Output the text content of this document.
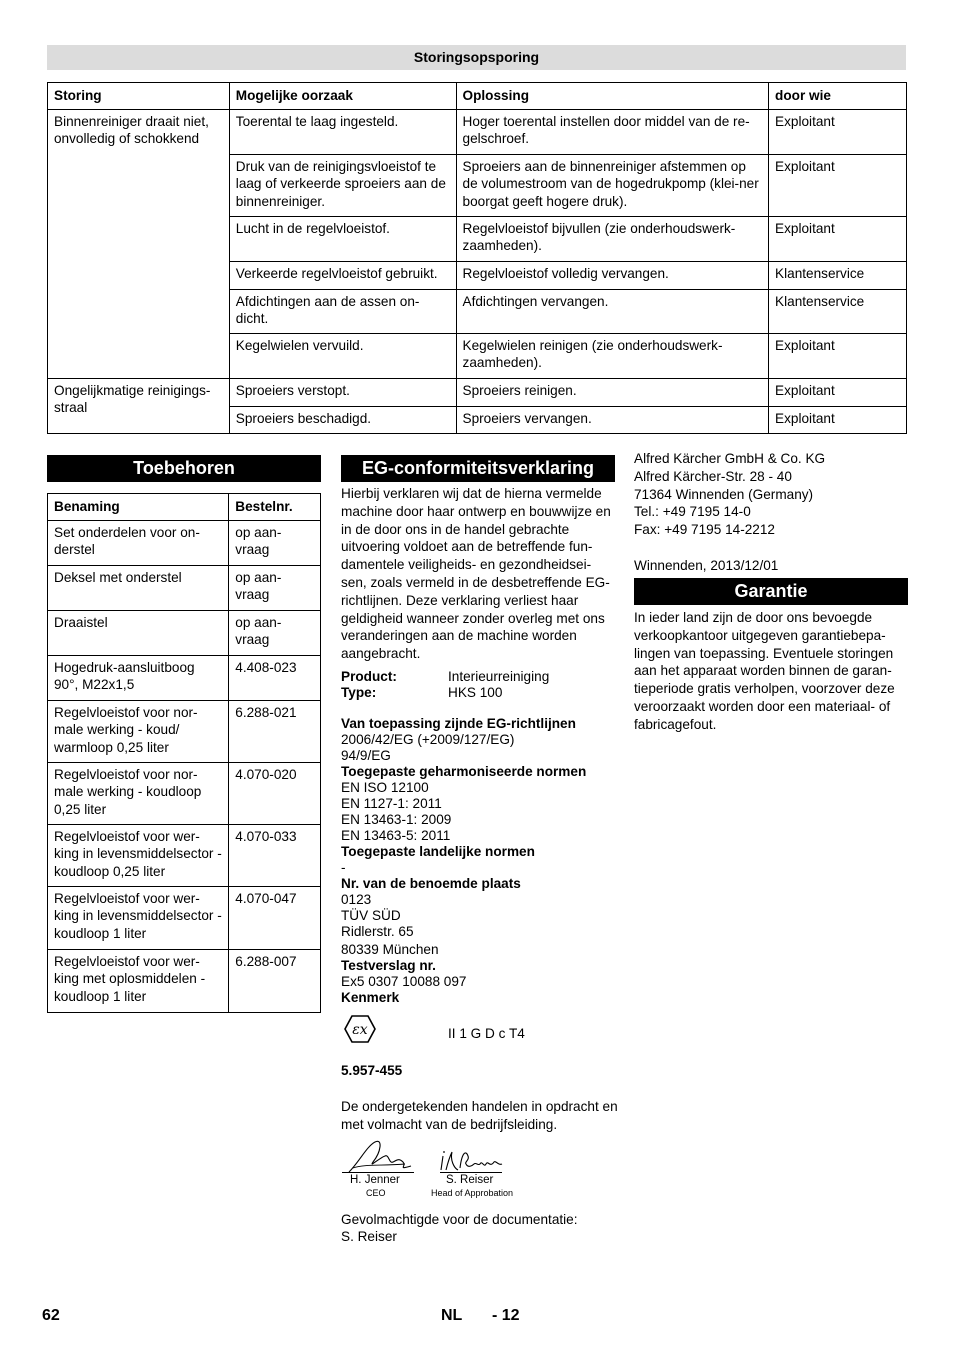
Storingsopsporing
Storing	Mogelijke oorzaak	Oplossing	door wie
Binnenreiniger draait niet, onvolledig of schokkend	Toerental te laag ingesteld.	Hoger toerental instellen door middel van de re-gelschroef.	Exploitant
	Druk van de reinigingsvloeistof te laag of verkeerde sproeiers aan de binnenreiniger.	Sproeiers aan de binnenreiniger afstemmen op de volumestroom van de hogedrukpomp (klei-ner boorgat geeft hogere druk).	Exploitant
	Lucht in de regelvloeistof.	Regelvloeistof bijvullen (zie onderhoudswerk-zaamheden).	Exploitant
	Verkeerde regelvloeistof gebruikt.	Regelvloeistof volledig vervangen.	Klantenservice
	Afdichtingen aan de assen on-dicht.	Afdichtingen vervangen.	Klantenservice
	Kegelwielen vervuild.	Kegelwielen reinigen (zie onderhoudswerk-zaamheden).	Exploitant
Ongelijkmatige reinigings-straal	Sproeiers verstopt.	Sproeiers reinigen.	Exploitant
	Sproeiers beschadigd.	Sproeiers vervangen.	Exploitant
Toebehoren
Benaming	Bestelnr.
Set onderdelen voor on-derstel	op aan-vraag
Deksel met onderstel	op aan-vraag
Draaistel	op aan-vraag
Hogedruk-aansluitboog 90°, M22x1,5	4.408-023
Regelvloeistof voor nor-male werking - koud/ warmloop 0,25 liter	6.288-021
Regelvloeistof voor nor-male werking - koudloop 0,25 liter	4.070-020
Regelvloeistof voor wer-king in levensmiddelsector - koudloop 0,25 liter	4.070-033
Regelvloeistof voor wer-king in levensmiddelsector - koudloop 1 liter	4.070-047
Regelvloeistof voor wer-king met oplosmiddelen - koudloop 1 liter	6.288-007
EG-conformiteitsverklaring
Hierbij verklaren wij dat de hierna vermelde machine door haar ontwerp en bouwwijze en in de door ons in de handel gebrachte uitvoering voldoet aan de betreffende fun-damentele veiligheids- en gezondheidsei-sen, zoals vermeld in de desbetreffende EG-richtlijnen. Deze verklaring verliest haar geldigheid wanneer zonder overleg met ons veranderingen aan de machine worden aangebracht.
Product:	Interieurreiniging
Type:	HKS 100
Van toepassing zijnde EG-richtlijnen
2006/42/EG (+2009/127/EG)
94/9/EG
Toegepaste geharmoniseerde normen
EN ISO 12100
EN 1127-1: 2011
EN 13463-1: 2009
EN 13463-5: 2011
Toegepaste landelijke normen
-
Nr. van de benoemde plaats
0123
TÜV SÜD
Ridlerstr. 65
80339 München
Testverslag nr.
Ex5 0307 10088 097
Kenmerk
εx	II 1 G D c T4
5.957-455
De ondergetekenden handelen in opdracht en met volmacht van de bedrijfsleiding.
H. Jenner
CEO
S. Reiser
Head of Approbation
Gevolmachtigde voor de documentatie:
S. Reiser
Alfred Kärcher GmbH & Co. KG
Alfred Kärcher-Str. 28 - 40
71364 Winnenden (Germany)
Tel.: +49 7195 14-0
Fax: +49 7195 14-2212
Winnenden, 2013/12/01
Garantie
In ieder land zijn de door ons bevoegde verkoopkantoor uitgegeven garantiebepa-lingen van toepassing. Eventuele storingen aan het apparaat worden binnen de garan-tieperiode gratis verholpen, voorzover deze veroorzaakt worden door een materiaal- of fabricagefout.
62	NL - 12
